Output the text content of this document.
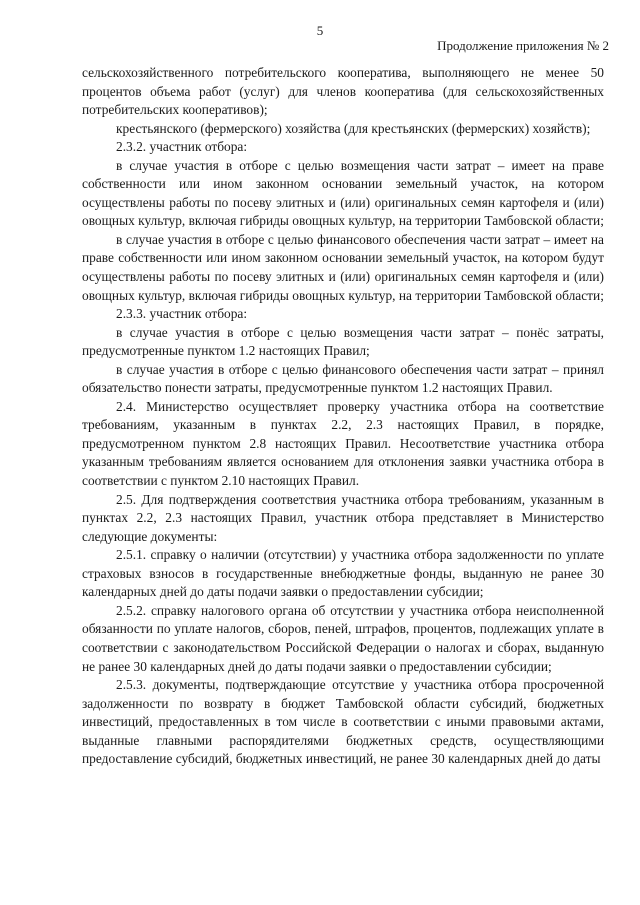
5
Продолжение приложения № 2

сельскохозяйственного потребительского кооператива, выполняющего не менее 50 процентов объема работ (услуг) для членов кооператива (для сельскохозяйственных потребительских кооперативов);

крестьянского (фермерского) хозяйства (для крестьянских (фермерских) хозяйств);

2.3.2. участник отбора:

в случае участия в отборе с целью возмещения части затрат – имеет на праве собственности или ином законном основании земельный участок, на котором осуществлены работы по посеву элитных и (или) оригинальных семян картофеля и (или) овощных культур, включая гибриды овощных культур, на территории Тамбовской области;

в случае участия в отборе с целью финансового обеспечения части затрат – имеет на праве собственности или ином законном основании земельный участок, на котором будут осуществлены работы по посеву элитных и (или) оригинальных семян картофеля и (или) овощных культур, включая гибриды овощных культур, на территории Тамбовской области;

2.3.3. участник отбора:

в случае участия в отборе с целью возмещения части затрат – понёс затраты, предусмотренные пунктом 1.2 настоящих Правил;

в случае участия в отборе с целью финансового обеспечения части затрат – принял обязательство понести затраты, предусмотренные пунктом 1.2 настоящих Правил.

2.4. Министерство осуществляет проверку участника отбора на соответствие требованиям, указанным в пунктах 2.2, 2.3 настоящих Правил, в порядке, предусмотренном пунктом 2.8 настоящих Правил. Несоответствие участника отбора указанным требованиям является основанием для отклонения заявки участника отбора в соответствии с пунктом 2.10 настоящих Правил.

2.5. Для подтверждения соответствия участника отбора требованиям, указанным в пунктах 2.2, 2.3 настоящих Правил, участник отбора представляет в Министерство следующие документы:

2.5.1. справку о наличии (отсутствии) у участника отбора задолженности по уплате страховых взносов в государственные внебюджетные фонды, выданную не ранее 30 календарных дней до даты подачи заявки о предоставлении субсидии;

2.5.2. справку налогового органа об отсутствии у участника отбора неисполненной обязанности по уплате налогов, сборов, пеней, штрафов, процентов, подлежащих уплате в соответствии с законодательством Российской Федерации о налогах и сборах, выданную не ранее 30 календарных дней до даты подачи заявки о предоставлении субсидии;

2.5.3. документы, подтверждающие отсутствие у участника отбора просроченной задолженности по возврату в бюджет Тамбовской области субсидий, бюджетных инвестиций, предоставленных в том числе в соответствии с иными правовыми актами, выданные главными распорядителями бюджетных средств, осуществляющими предоставление субсидий, бюджетных инвестиций, не ранее 30 календарных дней до даты
